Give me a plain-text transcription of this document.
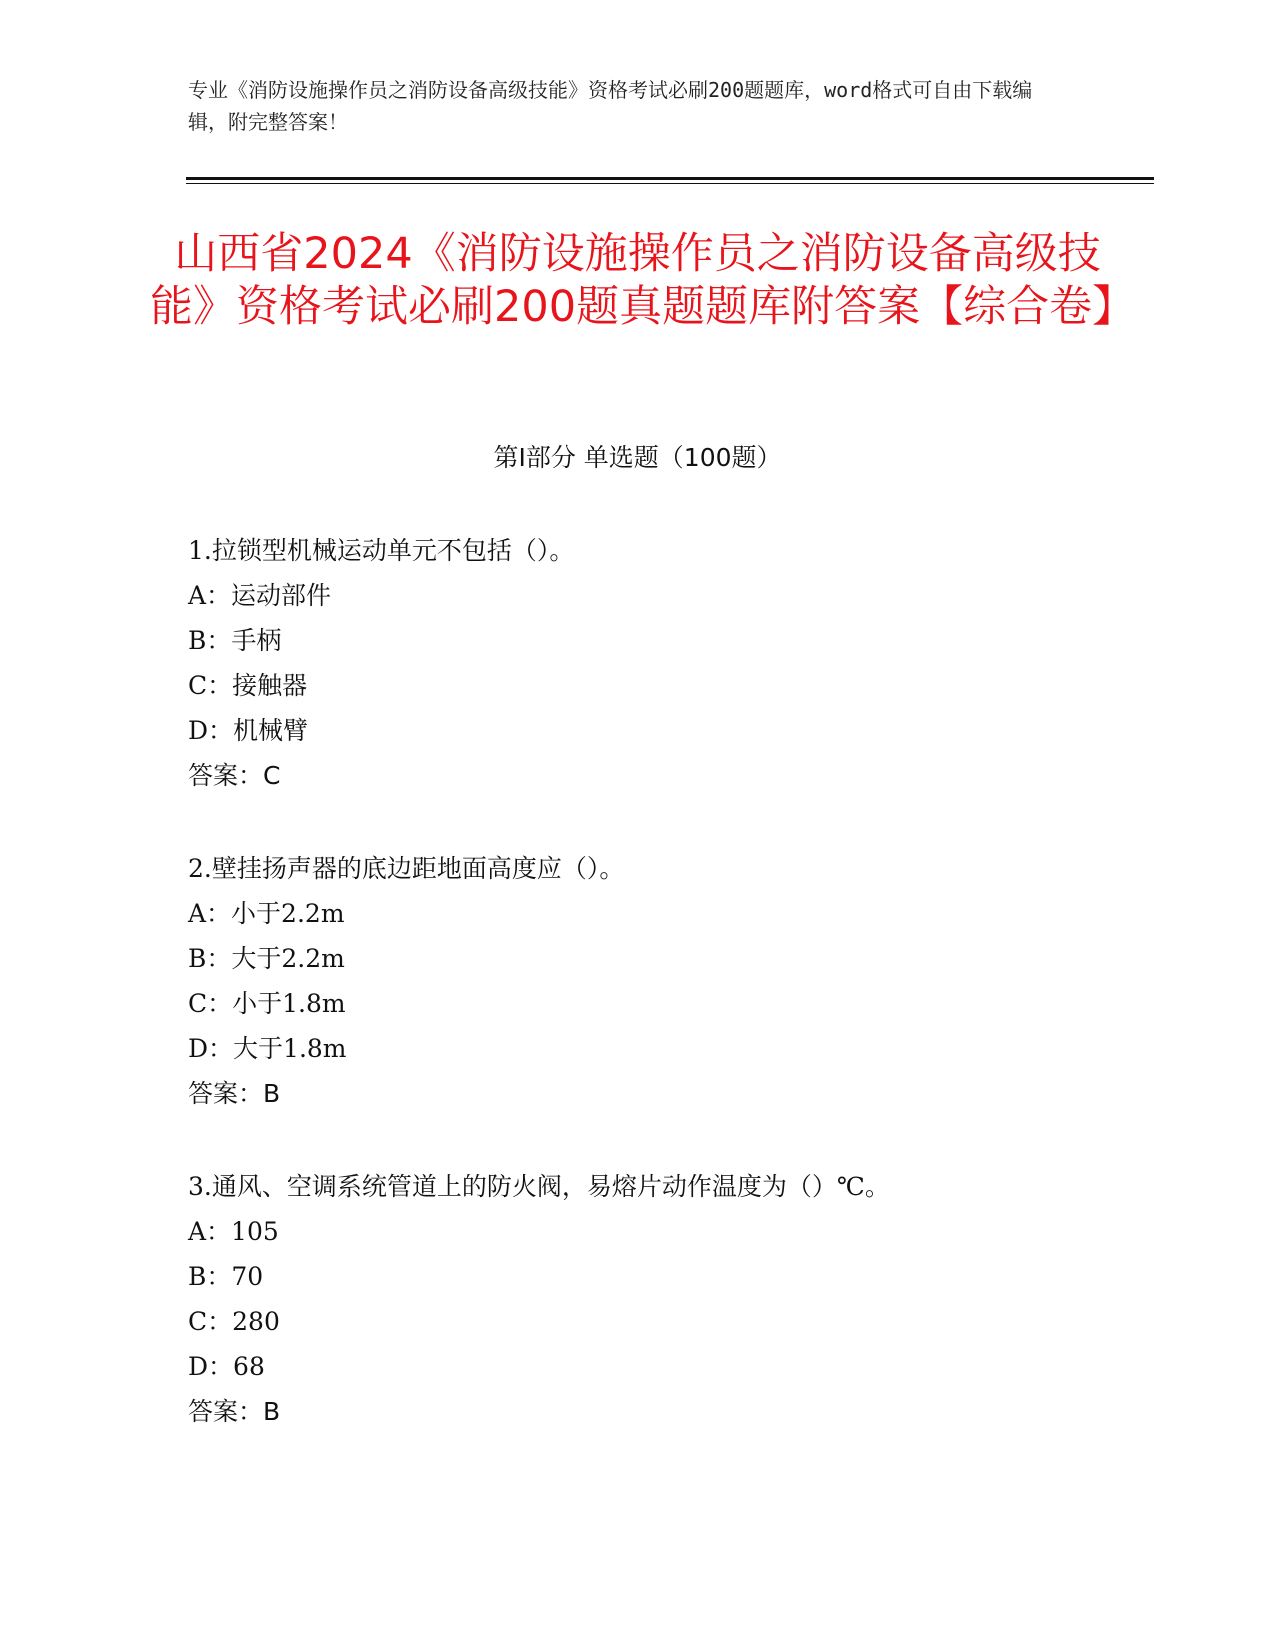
专业《消防设施操作员之消防设备高级技能》资格考试必刷200题题库，word格式可自由下载编辑，附完整答案！
山西省2024《消防设施操作员之消防设备高级技能》资格考试必刷200题真题题库附答案【综合卷】
第Ⅰ部分 单选题（100题）
1.拉锁型机械运动单元不包括（）。
A：运动部件
B：手柄
C：接触器
D：机械臂
答案：C
2.壁挂扬声器的底边距地面高度应（）。
A：小于2.2m
B：大于2.2m
C：小于1.8m
D：大于1.8m
答案：B
3.通风、空调系统管道上的防火阀，易熔片动作温度为（）℃。
A：105
B：70
C：280
D：68
答案：B
